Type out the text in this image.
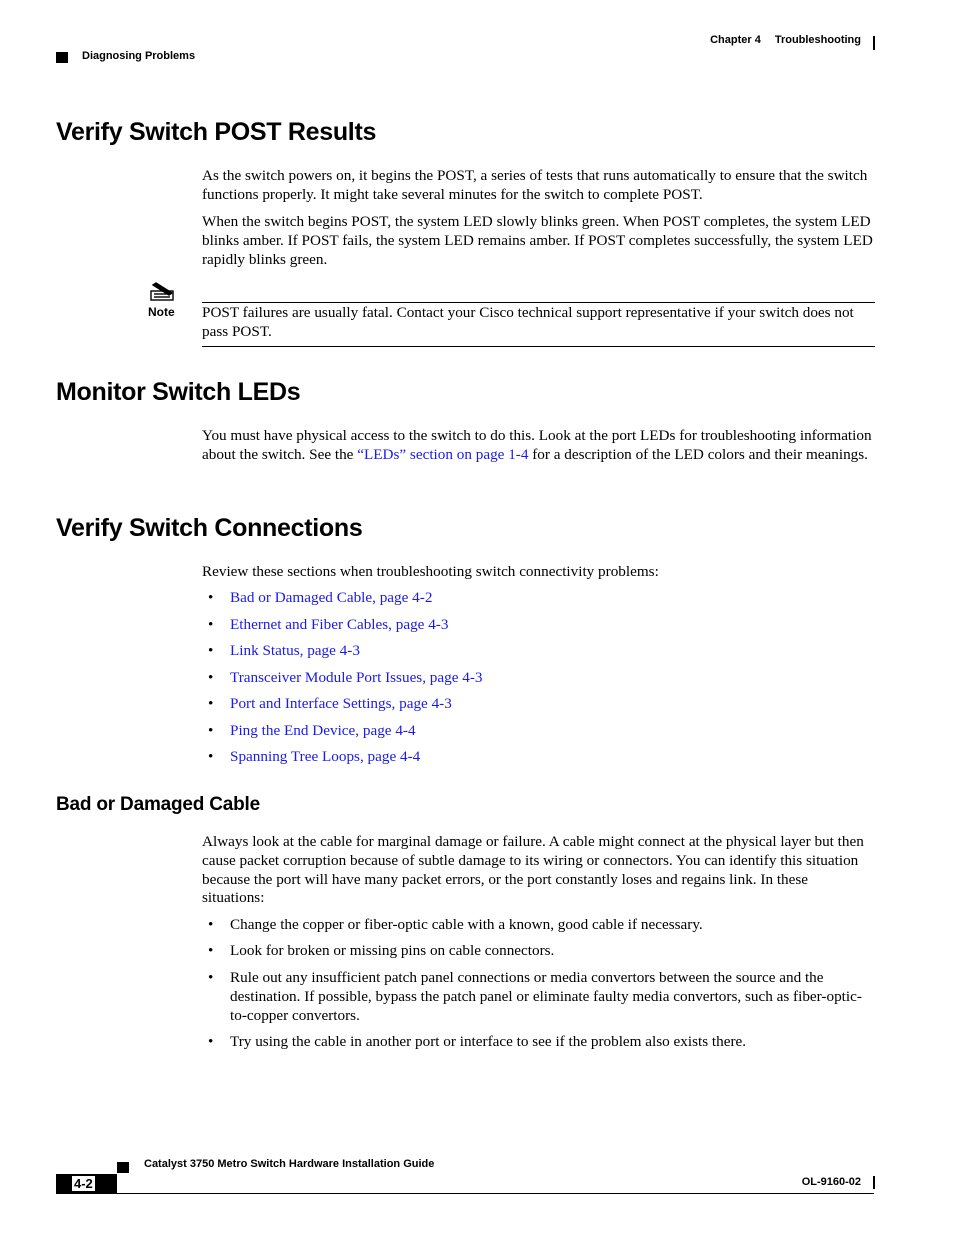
Chapter 4 Troubleshooting
Diagnosing Problems
Verify Switch POST Results

As the switch powers on, it begins the POST, a series of tests that runs automatically to ensure that the switch functions properly. It might take several minutes for the switch to complete POST.

When the switch begins POST, the system LED slowly blinks green. When POST completes, the system LED blinks amber. If POST fails, the system LED remains amber. If POST completes successfully, the system LED rapidly blinks green.

Note POST failures are usually fatal. Contact your Cisco technical support representative if your switch does not pass POST.

Monitor Switch LEDs

You must have physical access to the switch to do this. Look at the port LEDs for troubleshooting information about the switch. See the “LEDs” section on page 1-4 for a description of the LED colors and their meanings.

Verify Switch Connections

Review these sections when troubleshooting switch connectivity problems:

• Bad or Damaged Cable, page 4-2
• Ethernet and Fiber Cables, page 4-3
• Link Status, page 4-3
• Transceiver Module Port Issues, page 4-3
• Port and Interface Settings, page 4-3
• Ping the End Device, page 4-4
• Spanning Tree Loops, page 4-4
Bad or Damaged Cable

Always look at the cable for marginal damage or failure. A cable might connect at the physical layer but then cause packet corruption because of subtle damage to its wiring or connectors. You can identify this situation because the port will have many packet errors, or the port constantly loses and regains link. In these situations:

• Change the copper or fiber-optic cable with a known, good cable if necessary.
• Look for broken or missing pins on cable connectors.
• Rule out any insufficient patch panel connections or media convertors between the source and the destination. If possible, bypass the patch panel or eliminate faulty media convertors, such as fiber-optic-to-copper convertors.
• Try using the cable in another port or interface to see if the problem also exists there.
Catalyst 3750 Metro Switch Hardware Installation Guide
4-2	OL-9160-02
